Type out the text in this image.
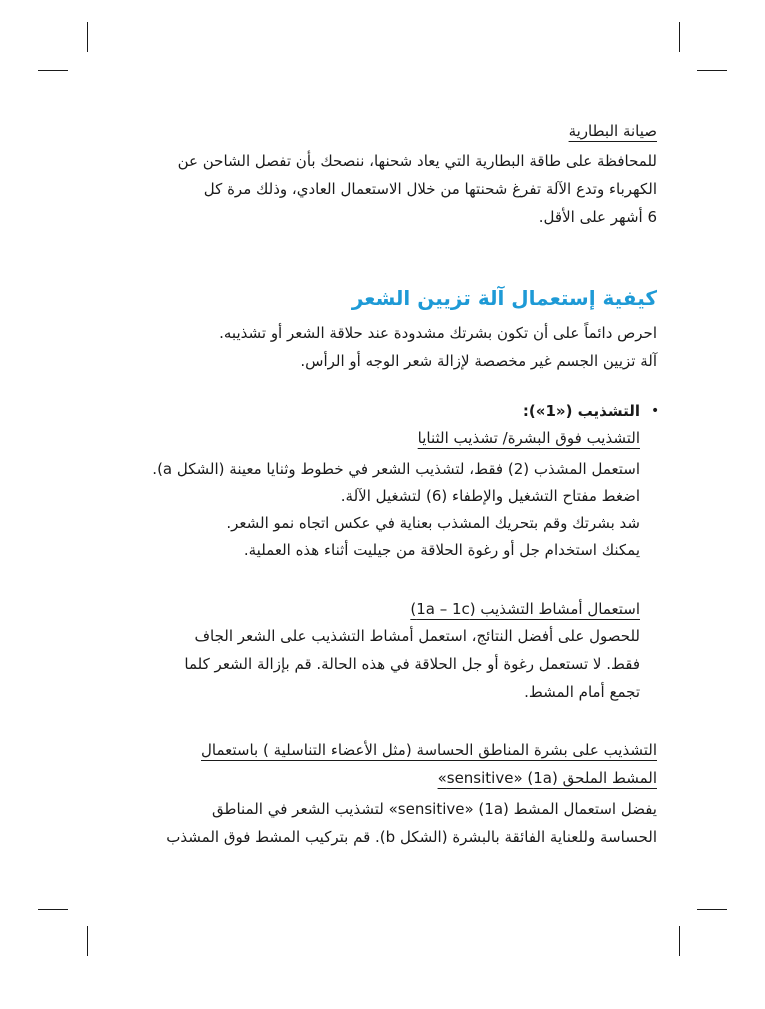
صيانة البطارية

للمحافظة على طاقة البطارية التي يعاد شحنها، ننصحك بأن تفصل الشاحن عن

الكهرباء وتدع الآلة تفرغ شحنتها من خلال الاستعمال العادي، وذلك مرة كل

6 أشهر على الأقل.

كيفية إستعمال آلة تزيين الشعر

احرص دائماً على أن تكون بشرتك مشدودة عند حلاقة الشعر أو تشذيبه.

آلة تزيين الجسم غير مخصصة لإزالة شعر الوجه أو الرأس.

•

التشذيب («1»):

التشذيب فوق البشرة/ تشذيب الثنايا

استعمل المشذب (2) فقط، لتشذيب الشعر في خطوط وثنايا معينة (الشكل a).

اضغط مفتاح التشغيل والإطفاء (6) لتشغيل الآلة.

شد بشرتك وقم بتحريك المشذب بعناية في عكس اتجاه نمو الشعر.

يمكنك استخدام جل أو رغوة الحلاقة من جيليت أثناء هذه العملية.

استعمال أمشاط التشذيب (1a – 1c)

للحصول على أفضل النتائج، استعمل أمشاط التشذيب على الشعر الجاف

فقط. لا تستعمل رغوة أو جل الحلاقة في هذه الحالة. قم بإزالة الشعر كلما

تجمع أمام المشط.

التشذيب على بشرة المناطق الحساسة (مثل الأعضاء التناسلية ) باستعمال

المشط الملحق (1a) «sensitive»

يفضل استعمال المشط (1a) «sensitive» لتشذيب الشعر في المناطق

الحساسة وللعناية الفائقة بالبشرة (الشكل b). قم بتركيب المشط فوق المشذب
